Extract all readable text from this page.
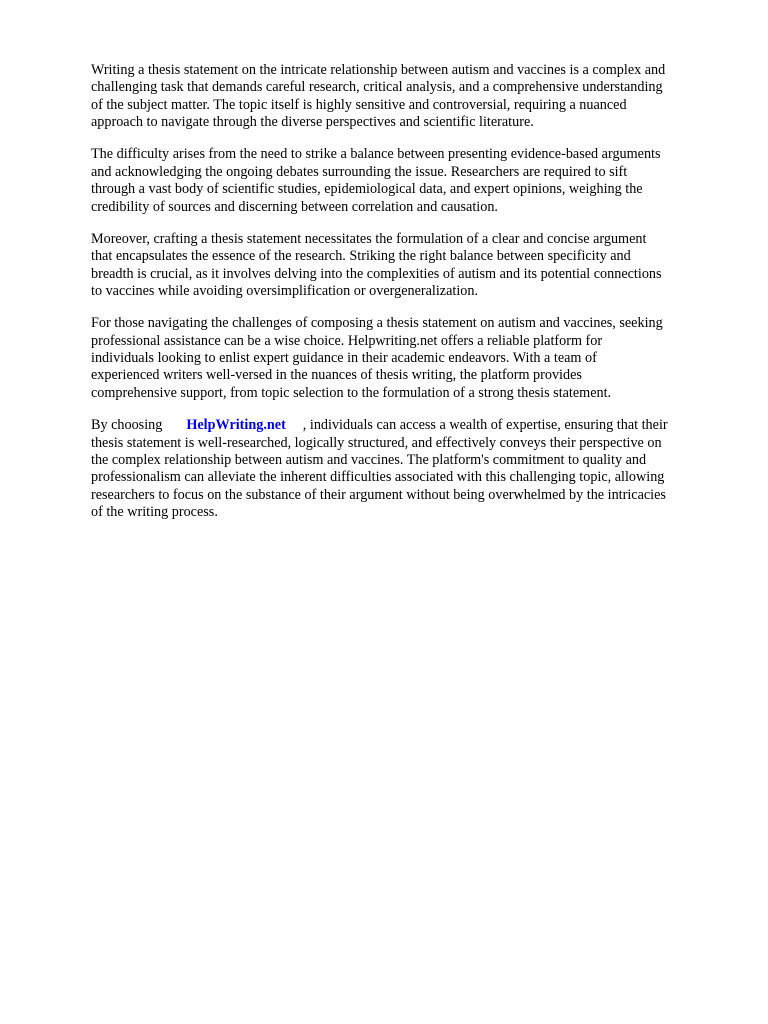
Writing a thesis statement on the intricate relationship between autism and vaccines is a complex and
challenging task that demands careful research, critical analysis, and a comprehensive understanding
of the subject matter. The topic itself is highly sensitive and controversial, requiring a nuanced
approach to navigate through the diverse perspectives and scientific literature.

The difficulty arises from the need to strike a balance between presenting evidence-based arguments
and acknowledging the ongoing debates surrounding the issue. Researchers are required to sift
through a vast body of scientific studies, epidemiological data, and expert opinions, weighing the
credibility of sources and discerning between correlation and causation.

Moreover, crafting a thesis statement necessitates the formulation of a clear and concise argument
that encapsulates the essence of the research. Striking the right balance between specificity and
breadth is crucial, as it involves delving into the complexities of autism and its potential connections
to vaccines while avoiding oversimplification or overgeneralization.

For those navigating the challenges of composing a thesis statement on autism and vaccines, seeking
professional assistance can be a wise choice. Helpwriting.net offers a reliable platform for
individuals looking to enlist expert guidance in their academic endeavors. With a team of
experienced writers well-versed in the nuances of thesis writing, the platform provides
comprehensive support, from topic selection to the formulation of a strong thesis statement.

By choosing HelpWriting.net , individuals can access a wealth of expertise, ensuring that their
thesis statement is well-researched, logically structured, and effectively conveys their perspective on
the complex relationship between autism and vaccines. The platform's commitment to quality and
professionalism can alleviate the inherent difficulties associated with this challenging topic, allowing
researchers to focus on the substance of their argument without being overwhelmed by the intricacies
of the writing process.
